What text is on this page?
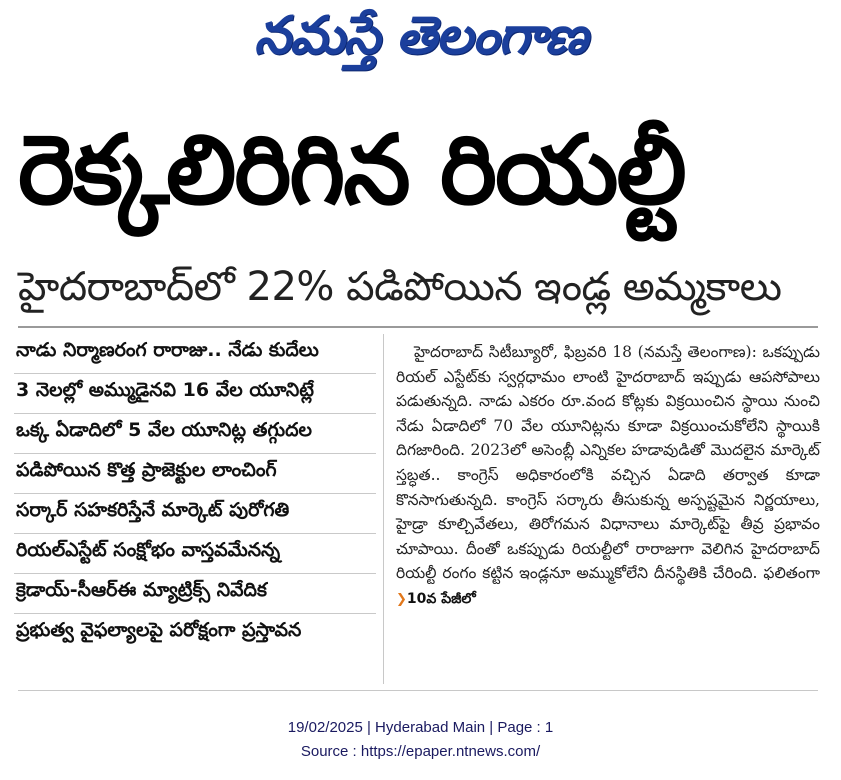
నమస్తే తెలంగాణ
రెక్కలిరిగిన రియల్టీ
హైదరాబాద్‌లో 22% పడిపోయిన ఇండ్ల అమ్మకాలు
నాడు నిర్మాణరంగ రారాజు.. నేడు కుదేలు
3 నెలల్లో అమ్ముడైనవి 16 వేల యూనిట్లే
ఒక్క ఏడాదిలో 5 వేల యూనిట్ల తగ్గుదల
పడిపోయిన కొత్త ప్రాజెక్టుల లాంచింగ్
సర్కార్ సహకరిస్తేనే మార్కెట్ పురోగతి
రియల్ఎస్టేట్ సంక్షోభం వాస్తవమేనన్న
క్రెడాయ్-సీఆర్ఈ మ్యాట్రిక్స్ నివేదిక
ప్రభుత్వ వైఫల్యాలపై పరోక్షంగా ప్రస్తావన
హైదరాబాద్ సిటీబ్యూరో, ఫిబ్రవరి 18 (నమస్తే తెలంగాణ): ఒకప్పుడు రియల్ ఎస్టేట్‌కు స్వర్గధామం లాంటి హైదరాబాద్ ఇప్పుడు ఆపసోపాలు పడుతున్నది. నాడు ఎకరం రూ.వంద కోట్లకు విక్రయించిన స్థాయి నుంచి నేడు ఏడాదిలో 70 వేల యూనిట్లను కూడా విక్రయించుకోలేని స్థాయికి దిగజారింది. 2023లో అసెంబ్లీ ఎన్నికల హడావుడితో మొదలైన మార్కెట్ స్తబ్ధత.. కాంగ్రెస్ అధికారంలోకి వచ్చిన ఏడాది తర్వాత కూడా కొనసాగుతున్నది. కాంగ్రెస్ సర్కారు తీసుకున్న అస్పష్టమైన నిర్ణయాలు, హైడ్రా కూల్చివేతలు, తిరోగమన విధానాలు మార్కెట్‌పై తీవ్ర ప్రభావం చూపాయి. దీంతో ఒకప్పుడు రియల్టీలో రారాజుగా వెలిగిన హైదరాబాద్ రియల్టీ రంగం కట్టిన ఇండ్లనూ అమ్ముకోలేని దీనస్థితికి చేరింది. ఫలితంగా ❯10వ పేజీలో
19/02/2025 | Hyderabad Main | Page : 1
Source : https://epaper.ntnews.com/
